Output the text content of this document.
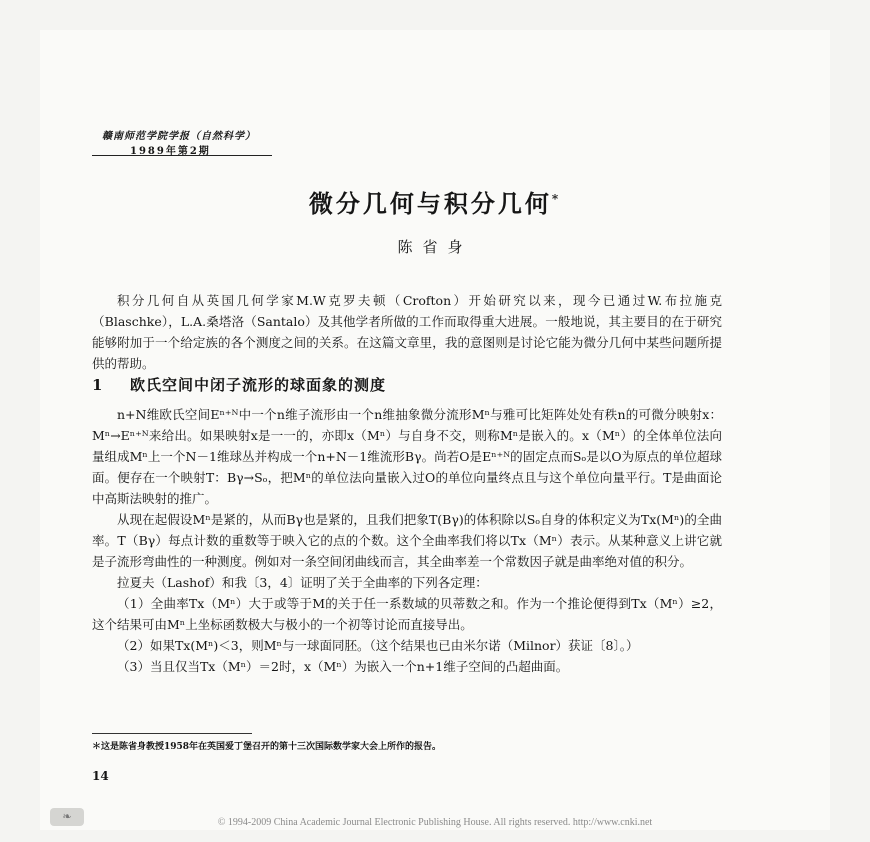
赣南师范学院学报（自然科学）
1989年第2期
微分几何与积分几何*
陈省身

积分几何自从英国几何学家M.W克罗夫顿（Crofton）开始研究以来，现今已通过W.布拉施克（Blaschke），L.A.桑塔洛（Santalo）及其他学者所做的工作而取得重大进展。一般地说，其主要目的在于研究能够附加于一个给定族的各个测度之间的关系。在这篇文章里，我的意图则是讨论它能为微分几何中某些问题所提供的帮助。

1 欧氏空间中闭子流形的球面象的测度

n+N维欧氏空间Eⁿ⁺ᴺ中一个n维子流形由一个n维抽象微分流形Mⁿ与雅可比矩阵处处有秩n的可微分映射x：Mⁿ→Eⁿ⁺ᴺ来给出。如果映射x是一一的，亦即x（Mⁿ）与自身不交，则称Mⁿ是嵌入的。x（Mⁿ）的全体单位法向量组成Mⁿ上一个N－1维球丛并构成一个n+N－1维流形Bγ。尚若O是Eⁿ⁺ᴺ的固定点而Sₒ是以O为原点的单位超球面。便存在一个映射T：Bγ→Sₒ，把Mⁿ的单位法向量嵌入过O的单位向量终点且与这个单位向量平行。T是曲面论中高斯法映射的推广。

从现在起假设Mⁿ是紧的，从而Bγ也是紧的，且我们把象T(Bγ)的体积除以Sₒ自身的体积定义为Tx(Mⁿ)的全曲率。T（Bγ）每点计数的重数等于映入它的点的个数。这个全曲率我们将以Tx（Mⁿ）表示。从某种意义上讲它就是子流形弯曲性的一种测度。例如对一条空间闭曲线而言，其全曲率差一个常数因子就是曲率绝对值的积分。

拉夏夫（Lashof）和我〔3，4〕证明了关于全曲率的下列各定理：

（1）全曲率Tx（Mⁿ）大于或等于M的关于任一系数域的贝蒂数之和。作为一个推论便得到Tx（Mⁿ）≥2，这个结果可由Mⁿ上坐标函数极大与极小的一个初等讨论而直接导出。

（2）如果Tx(Mⁿ)＜3，则Mⁿ与一球面同胚。（这个结果也已由米尔诺（Milnor）获证〔8〕。）

（3）当且仅当Tx（Mⁿ）＝2时，x（Mⁿ）为嵌入一个n+1维子空间的凸超曲面。

＊这是陈省身教授1958年在英国爱丁堡召开的第十三次国际数学家大会上所作的报告。
14
❧	© 1994-2009 China Academic Journal Electronic Publishing House. All rights reserved. http://www.cnki.net
